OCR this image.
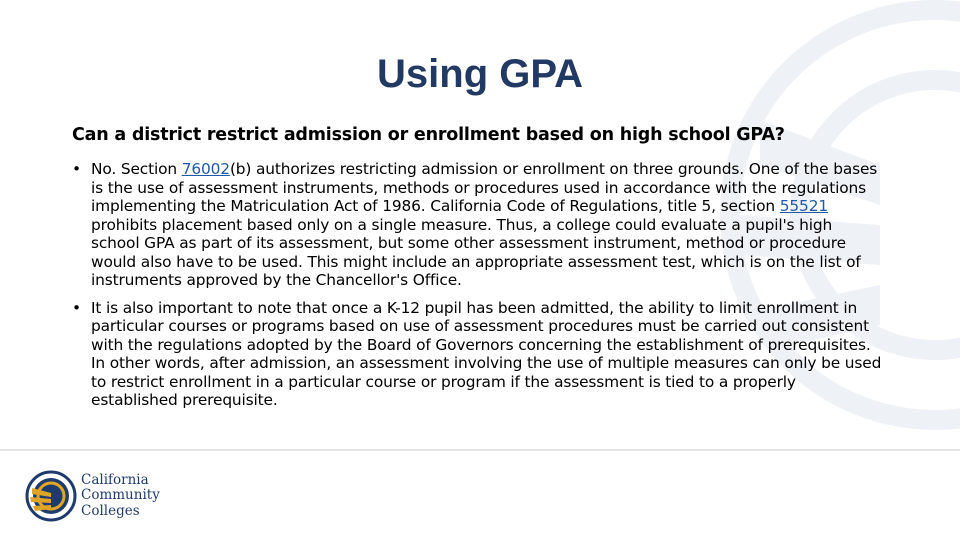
Using GPA

Can a district restrict admission or enrollment based on high school GPA?

• No. Section 76002(b) authorizes restricting admission or enrollment on three grounds. One of the bases is the use of assessment instruments, methods or procedures used in accordance with the regulations implementing the Matriculation Act of 1986. California Code of Regulations, title 5, section 55521 prohibits placement based only on a single measure. Thus, a college could evaluate a pupil's high school GPA as part of its assessment, but some other assessment instrument, method or procedure would also have to be used. This might include an appropriate assessment test, which is on the list of instruments approved by the Chancellor's Office.
• It is also important to note that once a K-12 pupil has been admitted, the ability to limit enrollment in particular courses or programs based on use of assessment procedures must be carried out consistent with the regulations adopted by the Board of Governors concerning the establishment of prerequisites. In other words, after admission, an assessment involving the use of multiple measures can only be used to restrict enrollment in a particular course or program if the assessment is tied to a properly established prerequisite.
California
Community
Colleges
